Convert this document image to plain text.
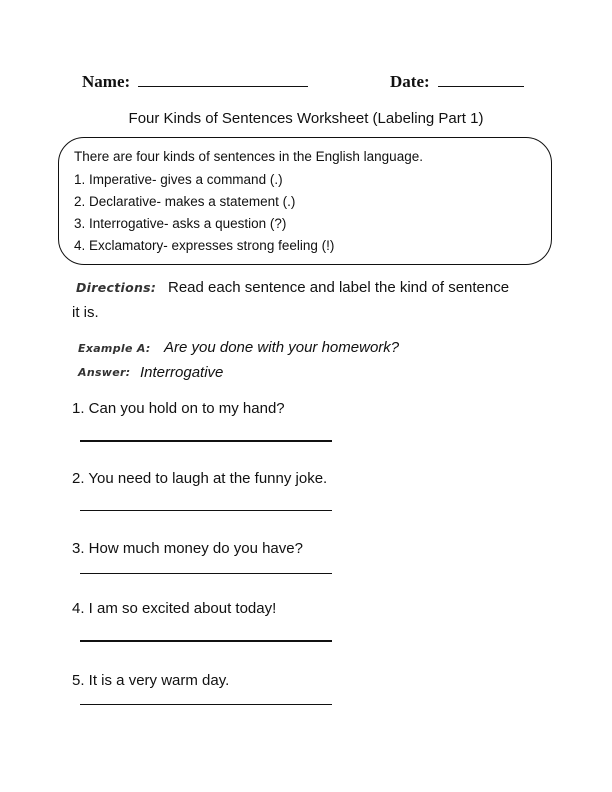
Name:	Date:
Four Kinds of Sentences Worksheet (Labeling Part 1)
There are four kinds of sentences in the English language.
1. Imperative- gives a command (.)
2. Declarative- makes a statement (.)
3. Interrogative- asks a question (?)
4. Exclamatory- expresses strong feeling (!)
Directions: Read each sentence and label the kind of sentence
it is.
Example A: Are you done with your homework?
Answer: Interrogative
1. Can you hold on to my hand?
2. You need to laugh at the funny joke.
3. How much money do you have?
4. I am so excited about today!
5. It is a very warm day.
